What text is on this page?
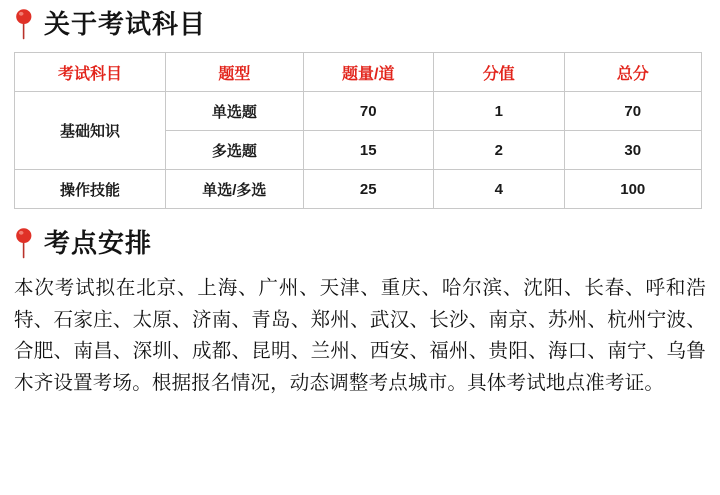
关于考试科目
考试科目	题型	题量/道	分值	总分
基础知识	单选题	70	1	70
	多选题	15	2	30
操作技能	单选/多选	25	4	100
考点安排

本次考试拟在北京、上海、广州、天津、重庆、哈尔滨、沈阳、长春、呼和浩特、石家庄、太原、济南、青岛、郑州、武汉、长沙、南京、苏州、杭州宁波、合肥、南昌、深圳、成都、昆明、兰州、西安、福州、贵阳、海口、南宁、乌鲁木齐设置考场。根据报名情况，动态调整考点城市。具体考试地点准考证。
